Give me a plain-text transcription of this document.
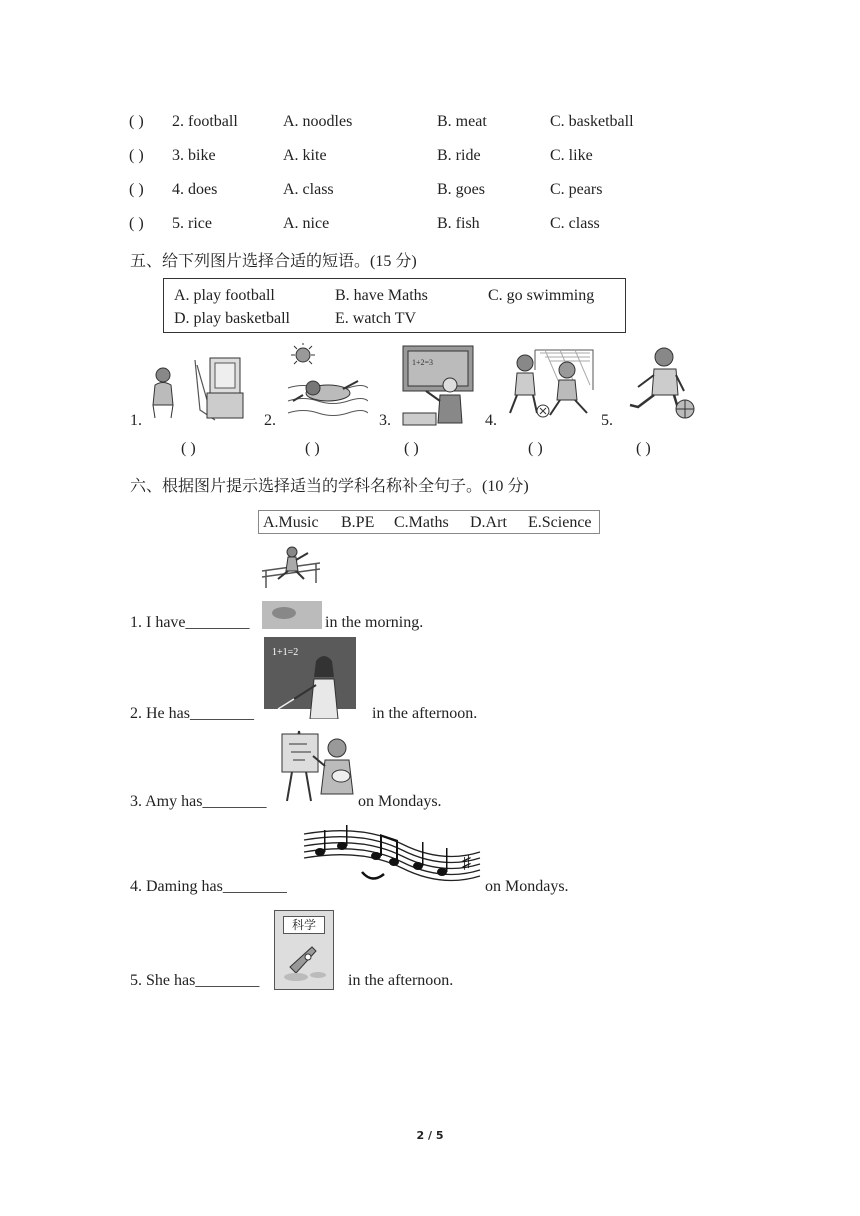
( ) 2. football	A. noodles	B. meat	C. basketball
( ) 3. bike	A. kite	B. ride	C. like
( ) 4. does	A. class	B. goes	C. pears
( ) 5. rice	A. nice	B. fish	C. class
五、给下列图片选择合适的短语。(15 分)
A. play football	B. have Maths	C. go swimming
D. play basketball	E. watch TV
1.	2.	3.	4.	5.
1+2=3
( )	( )	( )	( )	( )
六、根据图片提示选择适当的学科名称补全句子。(10 分)
A.Music B.PE C.Maths D.Art E.Science
1. I have________	in the morning.
1+1=2
2. He has________	in the afternoon.
3. Amy has________	on Mondays.
♯
4. Daming has________	on Mondays.
科学
5. She has________	in the afternoon.
2 / 5
